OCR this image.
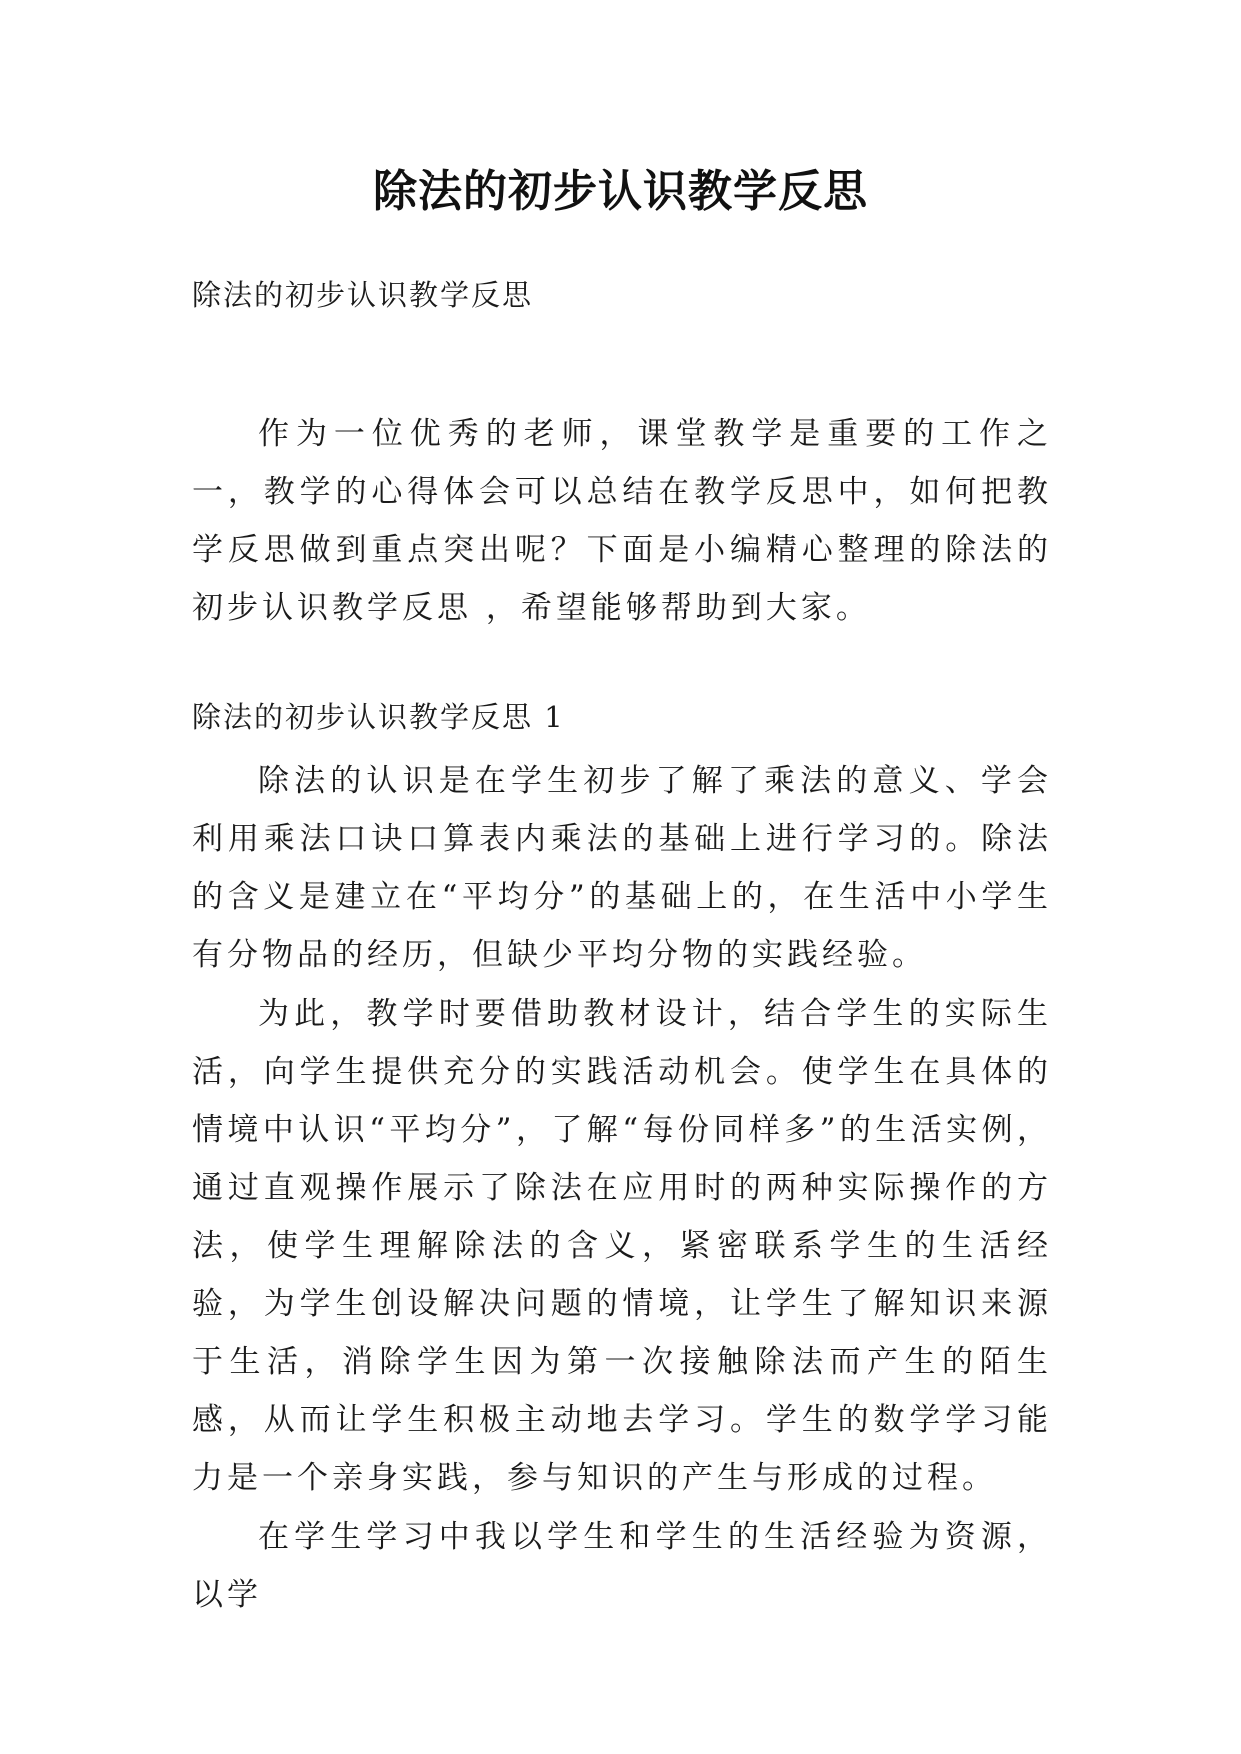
除法的初步认识教学反思
除法的初步认识教学反思

作为一位优秀的老师，课堂教学是重要的工作之一，教学的心得体会可以总结在教学反思中，如何把教学反思做到重点突出呢？下面是小编精心整理的除法的初步认识教学反思 ，希望能够帮助到大家。

除法的初步认识教学反思 1

除法的认识是在学生初步了解了乘法的意义、学会利用乘法口诀口算表内乘法的基础上进行学习的。除法的含义是建立在“平均分”的基础上的，在生活中小学生有分物品的经历，但缺少平均分物的实践经验。

为此，教学时要借助教材设计，结合学生的实际生活，向学生提供充分的实践活动机会。使学生在具体的情境中认识“平均分”，了解“每份同样多”的生活实例，通过直观操作展示了除法在应用时的两种实际操作的方法，使学生理解除法的含义，紧密联系学生的生活经验，为学生创设解决问题的情境，让学生了解知识来源于生活，消除学生因为第一次接触除法而产生的陌生感，从而让学生积极主动地去学习。学生的数学学习能力是一个亲身实践，参与知识的产生与形成的过程。

在学生学习中我以学生和学生的生活经验为资源，以学
